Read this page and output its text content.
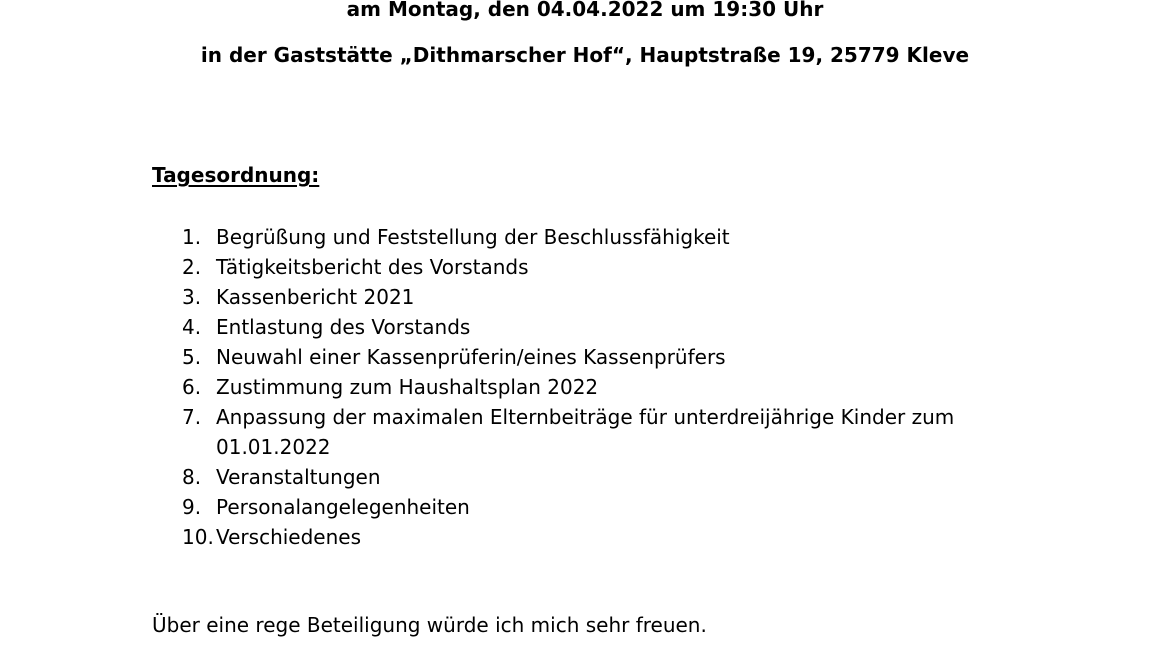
am Montag, den 04.04.2022 um 19:30 Uhr
in der Gaststätte „Dithmarscher Hof“, Hauptstraße 19, 25779 Kleve
Tagesordnung:
1. Begrüßung und Feststellung der Beschlussfähigkeit
2. Tätigkeitsbericht des Vorstands
3. Kassenbericht 2021
4. Entlastung des Vorstands
5. Neuwahl einer Kassenprüferin/eines Kassenprüfers
6. Zustimmung zum Haushaltsplan 2022
7. Anpassung der maximalen Elternbeiträge für unterdreijährige Kinder zum
01.01.2022
8. Veranstaltungen
9. Personalangelegenheiten
10. Verschiedenes
Über eine rege Beteiligung würde ich mich sehr freuen.
